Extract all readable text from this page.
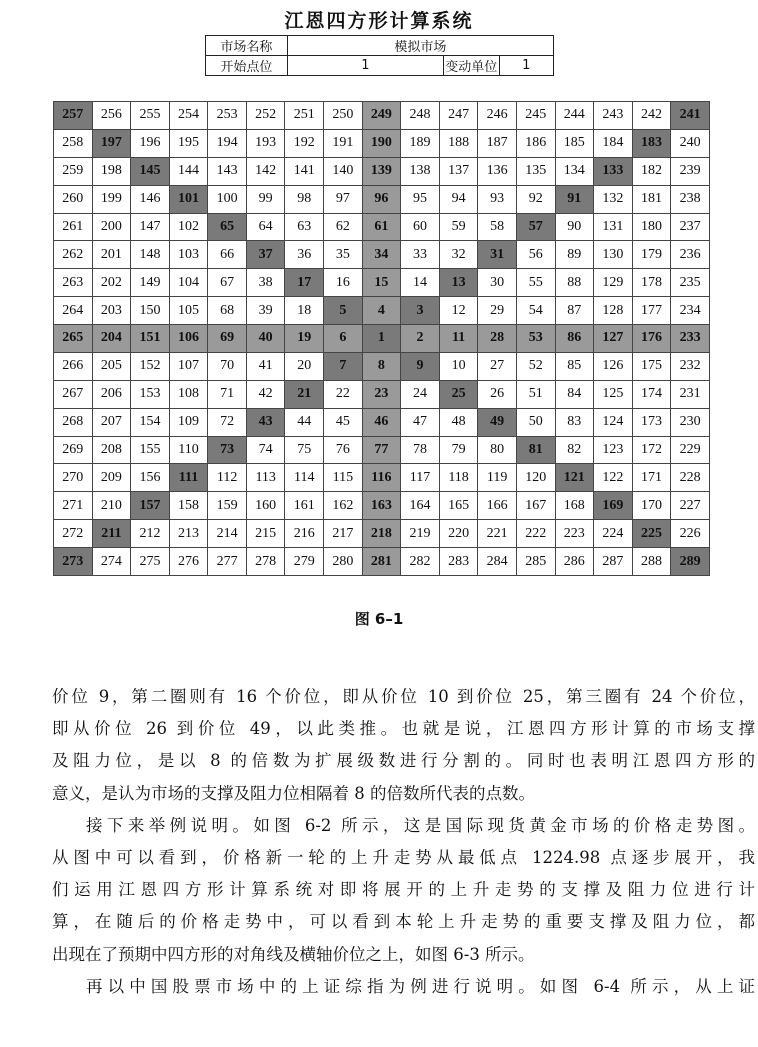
江恩四方形计算系统
市场名称	模拟市场		
开始点位	1	变动单位	1
257	256	255	254	253	252	251	250	249	248	247	246	245	244	243	242	241
258	197	196	195	194	193	192	191	190	189	188	187	186	185	184	183	240
259	198	145	144	143	142	141	140	139	138	137	136	135	134	133	182	239
260	199	146	101	100	99	98	97	96	95	94	93	92	91	132	181	238
261	200	147	102	65	64	63	62	61	60	59	58	57	90	131	180	237
262	201	148	103	66	37	36	35	34	33	32	31	56	89	130	179	236
263	202	149	104	67	38	17	16	15	14	13	30	55	88	129	178	235
264	203	150	105	68	39	18	5	4	3	12	29	54	87	128	177	234
265	204	151	106	69	40	19	6	1	2	11	28	53	86	127	176	233
266	205	152	107	70	41	20	7	8	9	10	27	52	85	126	175	232
267	206	153	108	71	42	21	22	23	24	25	26	51	84	125	174	231
268	207	154	109	72	43	44	45	46	47	48	49	50	83	124	173	230
269	208	155	110	73	74	75	76	77	78	79	80	81	82	123	172	229
270	209	156	111	112	113	114	115	116	117	118	119	120	121	122	171	228
271	210	157	158	159	160	161	162	163	164	165	166	167	168	169	170	227
272	211	212	213	214	215	216	217	218	219	220	221	222	223	224	225	226
273	274	275	276	277	278	279	280	281	282	283	284	285	286	287	288	289
图 6–1

价位 9，第二圈则有 16 个价位，即从价位 10 到价位 25，第三圈有 24 个价位，

即从价位 26 到价位 49，以此类推。也就是说，江恩四方形计算的市场支撑

及阻力位，是以 8 的倍数为扩展级数进行分割的。同时也表明江恩四方形的

意义，是认为市场的支撑及阻力位相隔着 8 的倍数所代表的点数。

接下来举例说明。如图 6-2 所示，这是国际现货黄金市场的价格走势图。

从图中可以看到，价格新一轮的上升走势从最低点 1224.98 点逐步展开，我

们运用江恩四方形计算系统对即将展开的上升走势的支撑及阻力位进行计

算，在随后的价格走势中，可以看到本轮上升走势的重要支撑及阻力位，都

出现在了预期中四方形的对角线及横轴价位之上，如图 6-3 所示。

再以中国股票市场中的上证综指为例进行说明。如图 6-4 所示，从上证
